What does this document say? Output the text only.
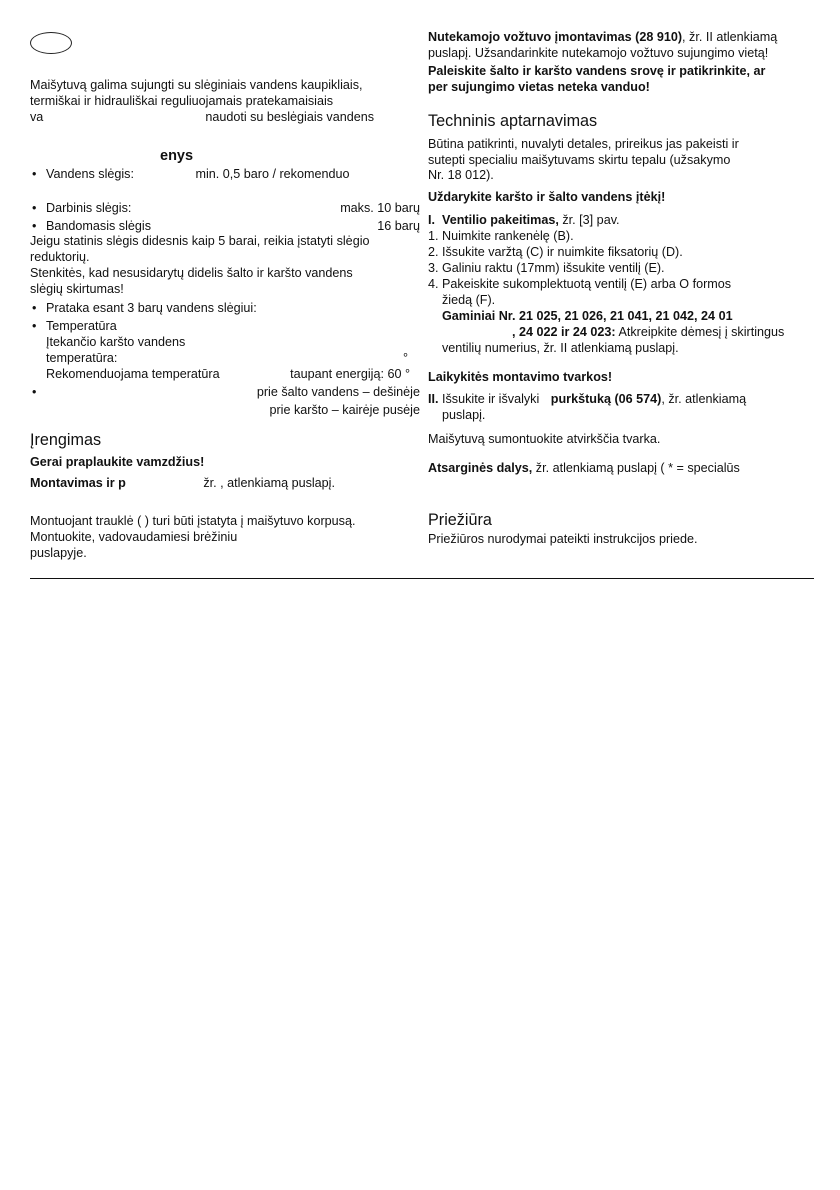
Maišytuvą galima sujungti su slėginiais vandens kaupikliais,

termiškai ir hidrauliškai reguliuojamais pratekamaisiais

va	naudoti su beslėgiais vandens
enys
• Vandens slėgis:	min. 0,5 baro / rekomenduo
• Darbinis slėgis:	maks. 10 barų
• Bandomasis slėgis	16 barų

Jeigu statinis slėgis didesnis kaip 5 barai, reikia įstatyti slėgio

reduktorių.

Stenkitės, kad nesusidarytų didelis šalto ir karšto vandens

slėgių skirtumas!

• Prataka esant 3 barų vandens slėgiui:
• Temperatūra
Įtekančio karšto vandens
temperatūra:	°
Rekomenduojama temperatūra	taupant energiją: 60 °
• prie šalto vandens – dešinėje
prie karšto – kairėje pusėje
Įrengimas

Gerai praplaukite vamzdžius!

Montavimas ir p	žr. , atlenkiamą puslapį.

Montuojant trauklė ( ) turi būti įstatyta į maišytuvo korpusą.

Montuokite, vadovaudamiesi brėžiniu

puslapyje.

Nutekamojo vožtuvo įmontavimas (28 910), žr. II atlenkiamą

puslapį. Užsandarinkite nutekamojo vožtuvo sujungimo vietą!

Paleiskite šalto ir karšto vandens srovę ir patikrinkite, ar

per sujungimo vietas neteka vanduo!

Techninis aptarnavimas

Būtina patikrinti, nuvalyti detales, prireikus jas pakeisti ir

sutepti specialiu maišytuvams skirtu tepalu (užsakymo

Nr. 18 012).

Uždarykite karšto ir šalto vandens įtėkį!

I. Ventilio pakeitimas, žr. [3] pav.

1. Nuimkite rankenėlę (B).

2. Išsukite varžtą (C) ir nuimkite fiksatorių (D).

3. Galiniu raktu (17mm) išsukite ventilį (E).

4. Pakeiskite sukomplektuotą ventilį (E) arba O formos

žiedą (F).

Gaminiai Nr. 21 025, 21 026, 21 041, 21 042, 24 01

, 24 022 ir 24 023: Atkreipkite dėmesį į skirtingus

ventilių numerius, žr. II atlenkiamą puslapį.

Laikykitės montavimo tvarkos!

II. Išsukite ir išvalyki purkštuką (06 574), žr. atlenkiamą

puslapį.

Maišytuvą sumontuokite atvirkščia tvarka.

Atsarginės dalys, žr. atlenkiamą puslapį ( * = specialūs

Priežiūra

Priežiūros nurodymai pateikti instrukcijos priede.
